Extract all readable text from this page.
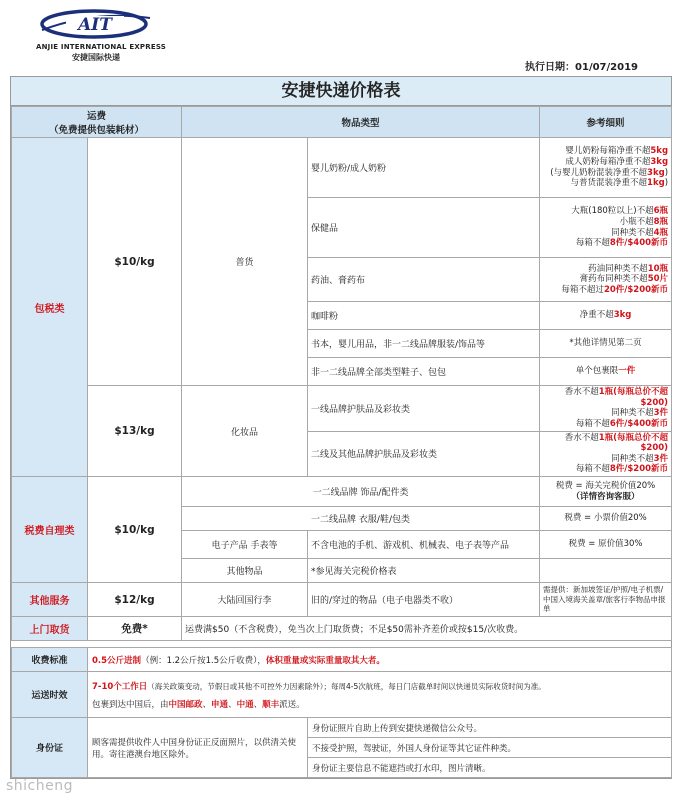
AIT
ANJIE INTERNATIONAL EXPRESS
安捷国际快递
执行日期：01/07/2019
安捷快递价格表
运费
（免费提供包装耗材）		物品类型		参考细则
包税类	$10/kg	普货	婴儿奶粉/成人奶粉	婴儿奶粉每箱净重不超5kg
成人奶粉每箱净重不超3kg
(与婴儿奶粉混装净重不超3kg)
与普货混装净重不超1kg)

			保健品	大瓶(180粒以上)不超6瓶
小瓶不超8瓶
同种类不超4瓶
每箱不超8件/$400新币

			药油、膏药布	药油同种类不超10瓶
膏药布同种类不超50片
每箱不超过20件/$200新币

			咖啡粉	净重不超3kg

			书本，婴儿用品，非一二线品牌服装/饰品等	*其他详情见第二页

			非一二线品牌全部类型鞋子、包包	单个包裹限一件

	$13/kg	化妆品	一线品牌护肤品及彩妆类	香水不超1瓶(每瓶总价不超$200)
同种类不超3件
每箱不超6件/$400新币

			二线及其他品牌护肤品及彩妆类	香水不超1瓶(每瓶总价不超$200)
同种类不超3件
每箱不超8件/$200新币

税费自理类	$10/kg	一二线品牌 饰品/配件类		税费 = 海关完税价值20%
（详情咨询客服）

		一二线品牌 衣服/鞋/包类		税费 = 小票价值20%
		电子产品 手表等	不含电池的手机、游戏机、机械表、电子表等产品	税费 = 原价值30%
		其他物品	*参见海关完税价格表	
其他服务	$12/kg	大陆回国行李	旧的/穿过的物品（电子电器类不收）	需提供：新加坡签证/护照/电子机票/中国入境海关盖章/旅客行李物品申报单
上门取货	免费*	运费满$50（不含税费），免当次上门取货费；不足$50需补齐差价或按$15/次收费。		
收费标准	0.5公斤进制（例：1.2公斤按1.5公斤收费），体积重量或实际重量取其大者。	
运送时效	7-10个工作日（海关政策变动，节假日或其他不可控外力因素除外）；每周4-5次航班，每日门店截单时间以快递员实际收货时间为准。
包裹到达中国后，由中国邮政、申通、中通、顺丰派送。	

身份证	顾客需提供收件人中国身份证正反面照片，以供清关使用。寄往港澳台地区除外。	身份证照片自助上传到安捷快递微信公众号。
		不接受护照，驾驶证，外国人身份证等其它证件种类。
		身份证主要信息不能遮挡或打水印，图片清晰。
shicheng
